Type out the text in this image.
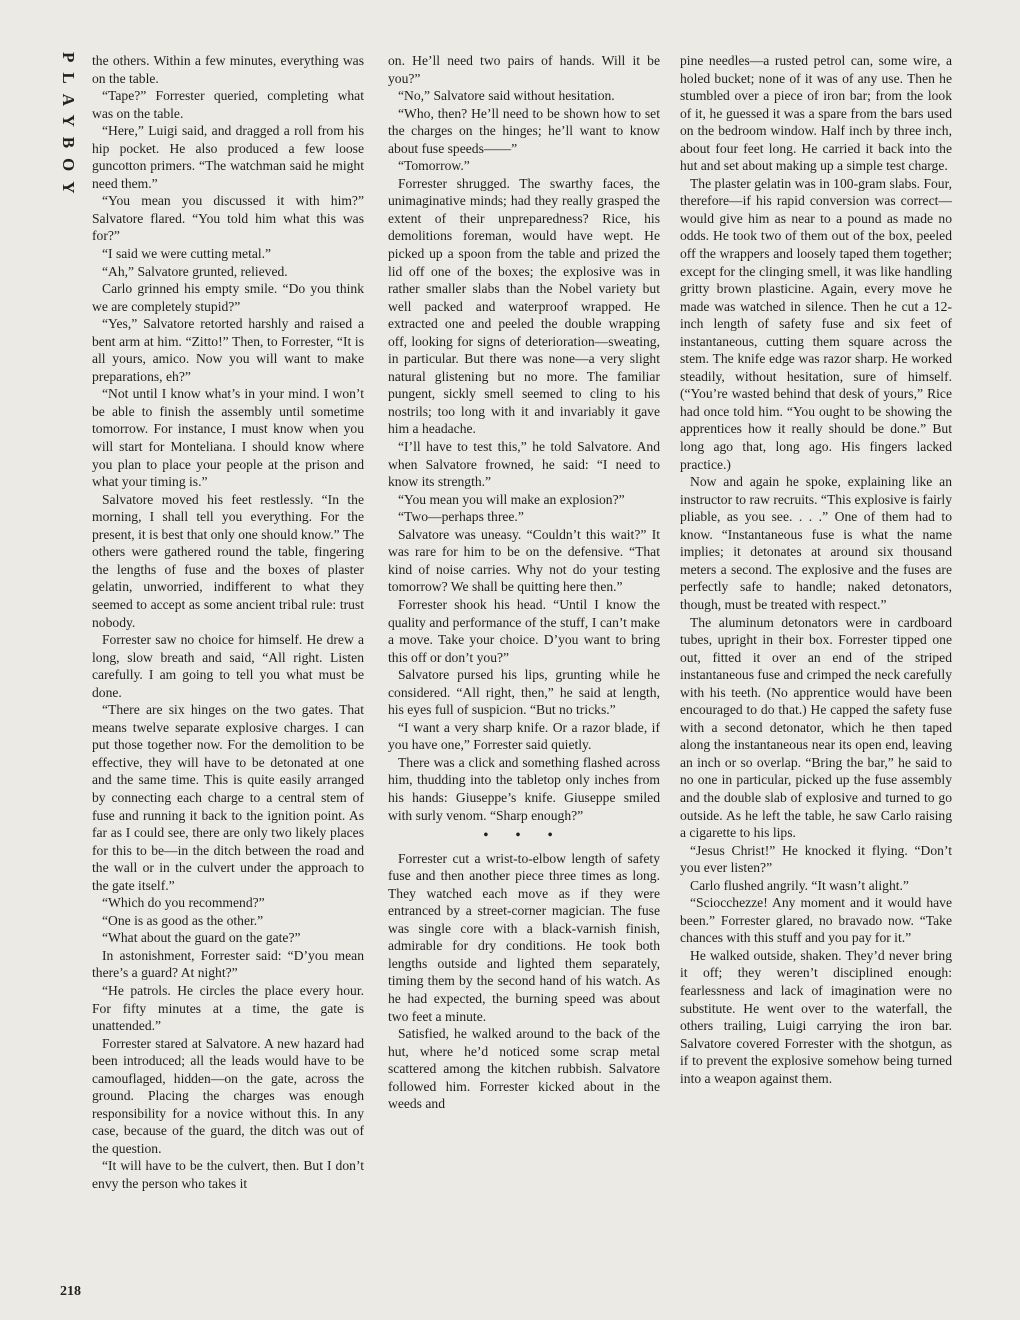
PLAYBOY
218

the others. Within a few minutes, everything was on the table.

“Tape?” Forrester queried, completing what was on the table.

“Here,” Luigi said, and dragged a roll from his hip pocket. He also produced a few loose guncotton primers. “The watchman said he might need them.”

“You mean you discussed it with him?” Salvatore flared. “You told him what this was for?”

“I said we were cutting metal.”

“Ah,” Salvatore grunted, relieved.

Carlo grinned his empty smile. “Do you think we are completely stupid?”

“Yes,” Salvatore retorted harshly and raised a bent arm at him. “Zitto!” Then, to Forrester, “It is all yours, amico. Now you will want to make preparations, eh?”

“Not until I know what’s in your mind. I won’t be able to finish the assembly until sometime tomorrow. For instance, I must know when you will start for Monteliana. I should know where you plan to place your people at the prison and what your timing is.”

Salvatore moved his feet restlessly. “In the morning, I shall tell you everything. For the present, it is best that only one should know.” The others were gathered round the table, fingering the lengths of fuse and the boxes of plaster gelatin, unworried, indifferent to what they seemed to accept as some ancient tribal rule: trust nobody.

Forrester saw no choice for himself. He drew a long, slow breath and said, “All right. Listen carefully. I am going to tell you what must be done.

“There are six hinges on the two gates. That means twelve separate explosive charges. I can put those together now. For the demolition to be effective, they will have to be detonated at one and the same time. This is quite easily arranged by connecting each charge to a central stem of fuse and running it back to the ignition point. As far as I could see, there are only two likely places for this to be—in the ditch between the road and the wall or in the culvert under the approach to the gate itself.”

“Which do you recommend?”

“One is as good as the other.”

“What about the guard on the gate?”

In astonishment, Forrester said: “D’you mean there’s a guard? At night?”

“He patrols. He circles the place every hour. For fifty minutes at a time, the gate is unattended.”

Forrester stared at Salvatore. A new hazard had been introduced; all the leads would have to be camouflaged, hidden—on the gate, across the ground. Placing the charges was enough responsibility for a novice without this. In any case, because of the guard, the ditch was out of the question.

“It will have to be the culvert, then. But I don’t envy the person who takes it

on. He’ll need two pairs of hands. Will it be you?”

“No,” Salvatore said without hesitation.

“Who, then? He’ll need to be shown how to set the charges on the hinges; he’ll want to know about fuse speeds——”

“Tomorrow.”

Forrester shrugged. The swarthy faces, the unimaginative minds; had they really grasped the extent of their unpreparedness? Rice, his demolitions foreman, would have wept. He picked up a spoon from the table and prized the lid off one of the boxes; the explosive was in rather smaller slabs than the Nobel variety but well packed and waterproof wrapped. He extracted one and peeled the double wrapping off, looking for signs of deterioration—sweating, in particular. But there was none—a very slight natural glistening but no more. The familiar pungent, sickly smell seemed to cling to his nostrils; too long with it and invariably it gave him a headache.

“I’ll have to test this,” he told Salvatore. And when Salvatore frowned, he said: “I need to know its strength.”

“You mean you will make an explosion?”

“Two—perhaps three.”

Salvatore was uneasy. “Couldn’t this wait?” It was rare for him to be on the defensive. “That kind of noise carries. Why not do your testing tomorrow? We shall be quitting here then.”

Forrester shook his head. “Until I know the quality and performance of the stuff, I can’t make a move. Take your choice. D’you want to bring this off or don’t you?”

Salvatore pursed his lips, grunting while he considered. “All right, then,” he said at length, his eyes full of suspicion. “But no tricks.”

“I want a very sharp knife. Or a razor blade, if you have one,” Forrester said quietly.

There was a click and something flashed across him, thudding into the tabletop only inches from his hands: Giuseppe’s knife. Giuseppe smiled with surly venom. “Sharp enough?”

• • •

Forrester cut a wrist-to-elbow length of safety fuse and then another piece three times as long. They watched each move as if they were entranced by a street-corner magician. The fuse was single core with a black-varnish finish, admirable for dry conditions. He took both lengths outside and lighted them separately, timing them by the second hand of his watch. As he had expected, the burning speed was about two feet a minute.

Satisfied, he walked around to the back of the hut, where he’d noticed some scrap metal scattered among the kitchen rubbish. Salvatore followed him. Forrester kicked about in the weeds and

pine needles—a rusted petrol can, some wire, a holed bucket; none of it was of any use. Then he stumbled over a piece of iron bar; from the look of it, he guessed it was a spare from the bars used on the bedroom window. Half inch by three inch, about four feet long. He carried it back into the hut and set about making up a simple test charge.

The plaster gelatin was in 100-gram slabs. Four, therefore—if his rapid conversion was correct—would give him as near to a pound as made no odds. He took two of them out of the box, peeled off the wrappers and loosely taped them together; except for the clinging smell, it was like handling gritty brown plasticine. Again, every move he made was watched in silence. Then he cut a 12-inch length of safety fuse and six feet of instantaneous, cutting them square across the stem. The knife edge was razor sharp. He worked steadily, without hesitation, sure of himself. (“You’re wasted behind that desk of yours,” Rice had once told him. “You ought to be showing the apprentices how it really should be done.” But long ago that, long ago. His fingers lacked practice.)

Now and again he spoke, explaining like an instructor to raw recruits. “This explosive is fairly pliable, as you see. . . .” One of them had to know. “Instantaneous fuse is what the name implies; it detonates at around six thousand meters a second. The explosive and the fuses are perfectly safe to handle; naked detonators, though, must be treated with respect.”

The aluminum detonators were in cardboard tubes, upright in their box. Forrester tipped one out, fitted it over an end of the striped instantaneous fuse and crimped the neck carefully with his teeth. (No apprentice would have been encouraged to do that.) He capped the safety fuse with a second detonator, which he then taped along the instantaneous near its open end, leaving an inch or so overlap. “Bring the bar,” he said to no one in particular, picked up the fuse assembly and the double slab of explosive and turned to go outside. As he left the table, he saw Carlo raising a cigarette to his lips.

“Jesus Christ!” He knocked it flying. “Don’t you ever listen?”

Carlo flushed angrily. “It wasn’t alight.”

“Sciocchezze! Any moment and it would have been.” Forrester glared, no bravado now. “Take chances with this stuff and you pay for it.”

He walked outside, shaken. They’d never bring it off; they weren’t disciplined enough: fearlessness and lack of imagination were no substitute. He went over to the waterfall, the others trailing, Luigi carrying the iron bar. Salvatore covered Forrester with the shotgun, as if to prevent the explosive somehow being turned into a weapon against them.
